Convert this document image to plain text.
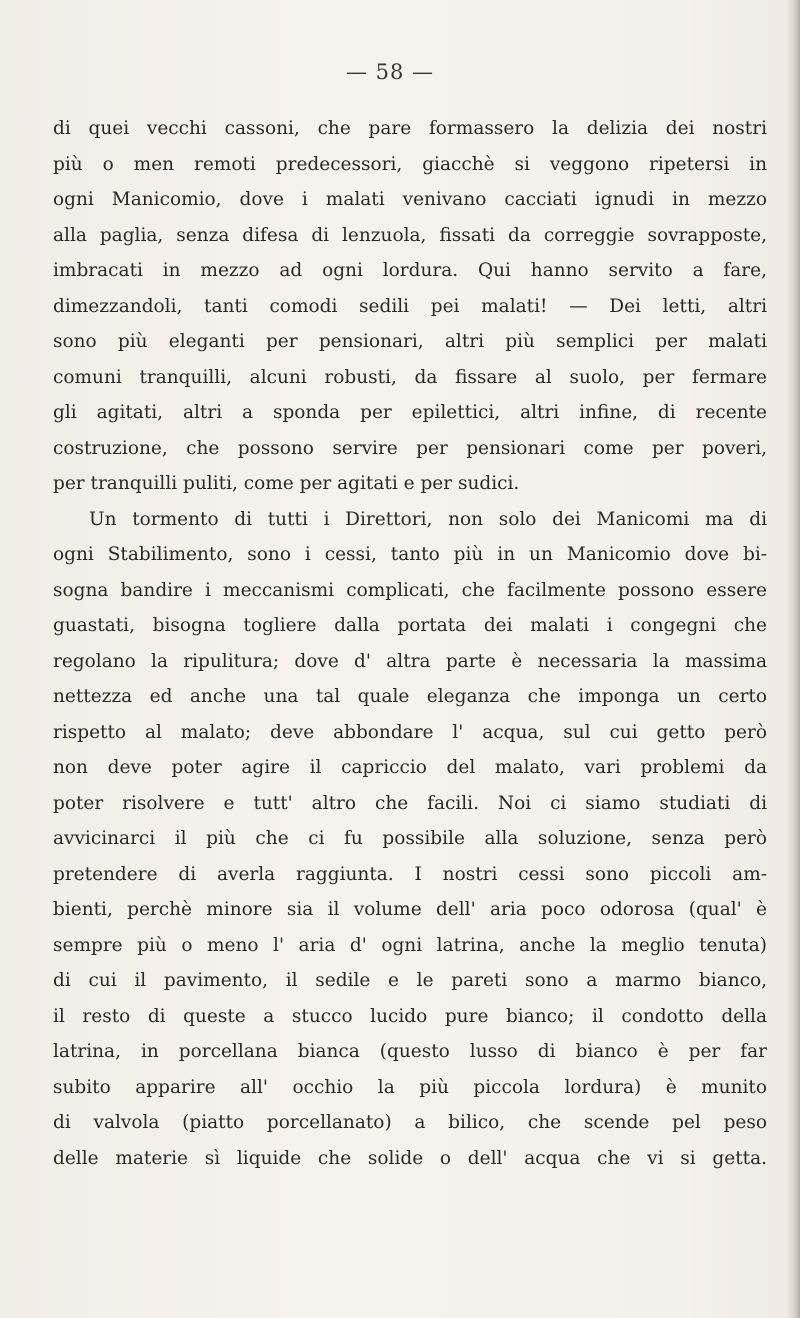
— 58 —
di quei vecchi cassoni, che pare formassero la delizia dei nostri
più o men remoti predecessori, giacchè si veggono ripetersi in
ogni Manicomio, dove i malati venivano cacciati ignudi in mezzo
alla paglia, senza difesa di lenzuola, fissati da correggie sovrapposte,
imbracati in mezzo ad ogni lordura. Qui hanno servito a fare,
dimezzandoli, tanti comodi sedili pei malati! — Dei letti, altri
sono più eleganti per pensionari, altri più semplici per malati
comuni tranquilli, alcuni robusti, da fissare al suolo, per fermare
gli agitati, altri a sponda per epilettici, altri infine, di recente
costruzione, che possono servire per pensionari come per poveri,
per tranquilli puliti, come per agitati e per sudici.
Un tormento di tutti i Direttori, non solo dei Manicomi ma di
ogni Stabilimento, sono i cessi, tanto più in un Manicomio dove bi-
sogna bandire i meccanismi complicati, che facilmente possono essere
guastati, bisogna togliere dalla portata dei malati i congegni che
regolano la ripulitura; dove d' altra parte è necessaria la massima
nettezza ed anche una tal quale eleganza che imponga un certo
rispetto al malato; deve abbondare l' acqua, sul cui getto però
non deve poter agire il capriccio del malato, vari problemi da
poter risolvere e tutt' altro che facili. Noi ci siamo studiati di
avvicinarci il più che ci fu possibile alla soluzione, senza però
pretendere di averla raggiunta. I nostri cessi sono piccoli am-
bienti, perchè minore sia il volume dell' aria poco odorosa (qual' è
sempre più o meno l' aria d' ogni latrina, anche la meglio tenuta)
di cui il pavimento, il sedile e le pareti sono a marmo bianco,
il resto di queste a stucco lucido pure bianco; il condotto della
latrina, in porcellana bianca (questo lusso di bianco è per far
subito apparire all' occhio la più piccola lordura) è munito
di valvola (piatto porcellanato) a bilico, che scende pel peso
delle materie sì liquide che solide o dell' acqua che vi si getta.
